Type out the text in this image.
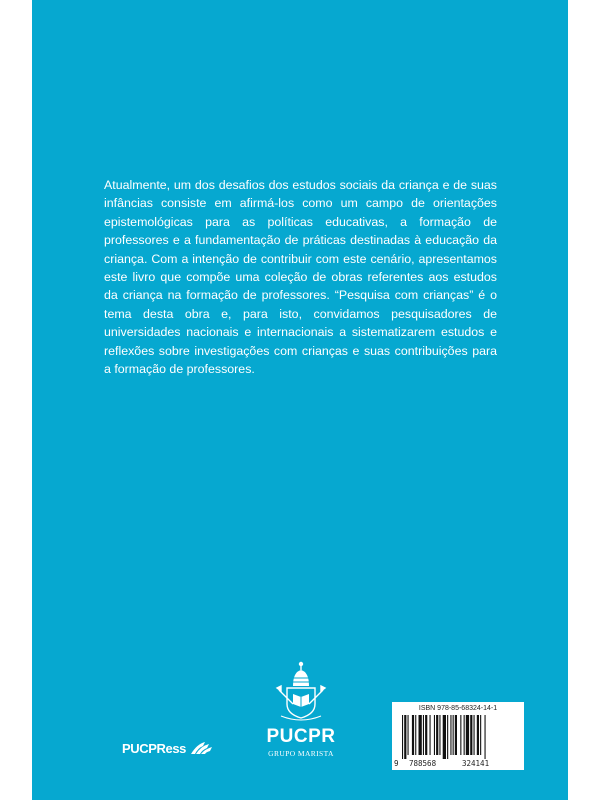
Atualmente, um dos desafios dos estudos sociais da criança e de suas infâncias consiste em afirmá-los como um campo de orientações epistemológicas para as políticas educativas, a formação de professores e a fundamentação de práticas destinadas à educação da criança. Com a intenção de contribuir com este cenário, apresentamos este livro que compõe uma coleção de obras referentes aos estudos da criança na formação de professores. “Pesquisa com crianças” é o tema desta obra e, para isto, convidamos pesquisadores de universidades nacionais e internacionais a sistematizarem estudos e reflexões sobre investigações com crianças e suas contribuições para a formação de professores.

PUCPRess
PUCPR
GRUPO MARISTA
ISBN 978-85-68324-14-1
9 788568	324141
